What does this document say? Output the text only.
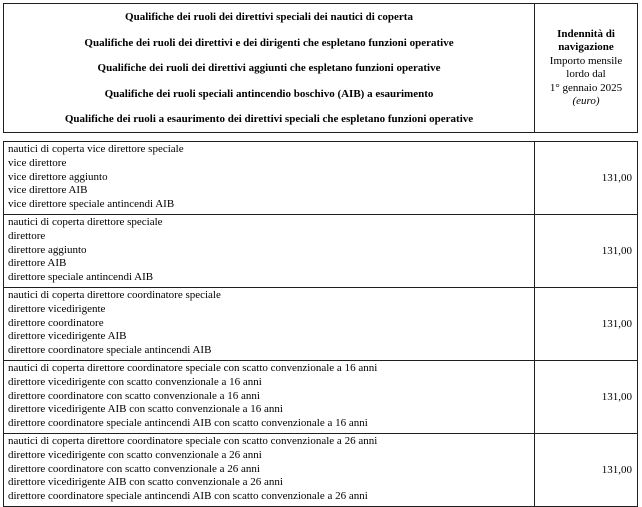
Qualifiche dei ruoli dei direttivi speciali dei nautici di coperta
Qualifiche dei ruoli dei direttivi e dei dirigenti che espletano funzioni operative
Qualifiche dei ruoli dei direttivi aggiunti che espletano funzioni operative
Qualifiche dei ruoli speciali antincendio boschivo (AIB) a esaurimento
Qualifiche dei ruoli a esaurimento dei direttivi speciali che espletano funzioni operative
Indennità di navigazione
Importo mensile lordo dal
1° gennaio 2025
(euro)
nautici di coperta vice direttore speciale
vice direttore
vice direttore aggiunto
vice direttore AIB
vice direttore speciale antincendi AIB
131,00
nautici di coperta direttore speciale
direttore
direttore aggiunto
direttore AIB
direttore speciale antincendi AIB
131,00
nautici di coperta direttore coordinatore speciale
direttore vicedirigente
direttore coordinatore
direttore vicedirigente AIB
direttore coordinatore speciale antincendi AIB
131,00
nautici di coperta direttore coordinatore speciale con scatto convenzionale a 16 anni
direttore vicedirigente con scatto convenzionale a 16 anni
direttore coordinatore con scatto convenzionale a 16 anni
direttore vicedirigente AIB con scatto convenzionale a 16 anni
direttore coordinatore speciale antincendi AIB con scatto convenzionale a 16 anni
131,00
nautici di coperta direttore coordinatore speciale con scatto convenzionale a 26 anni
direttore vicedirigente con scatto convenzionale a 26 anni
direttore coordinatore con scatto convenzionale a 26 anni
direttore vicedirigente AIB con scatto convenzionale a 26 anni
direttore coordinatore speciale antincendi AIB con scatto convenzionale a 26 anni
131,00
